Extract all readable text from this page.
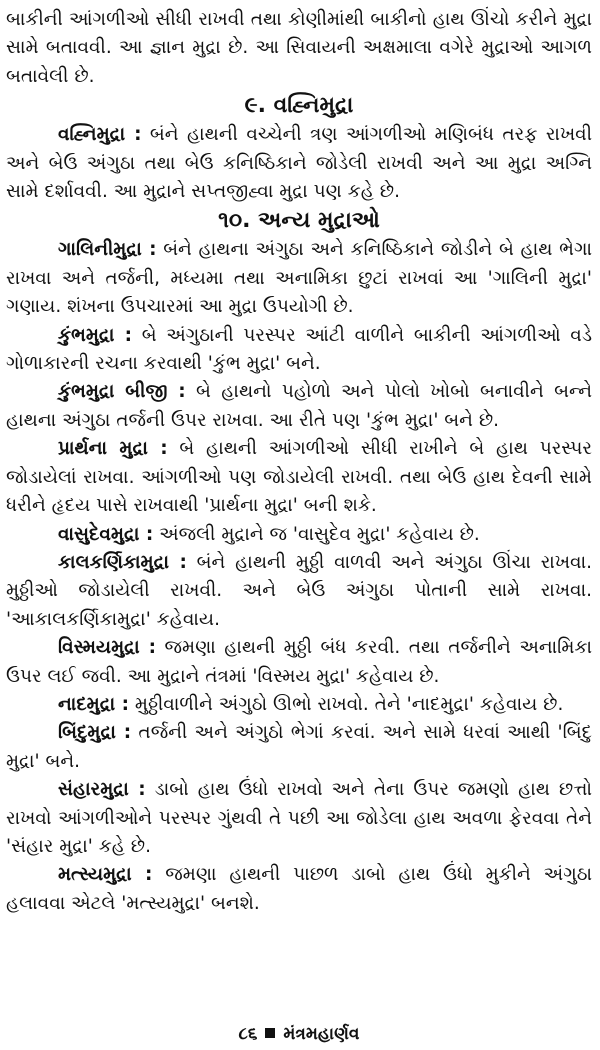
બાકીની આંગળીઓ સીધી રાખવી તથા કોણીમાંથી બાકીનો હાથ ઊંચો કરીને મુદ્રા સામે બતાવવી. આ જ્ઞાન મુદ્રા છે. આ સિવાયની અક્ષમાલા વગેરે મુદ્રાઓ આગળ બતાવેલી છે.

૯. વહ્નિમુદ્રા

વહ્નિમુદ્રા : બંને હાથની વચ્ચેની ત્રણ આંગળીઓ મણિબંધ તરફ રાખવી અને બેઉ અંગુઠા તથા બેઉ કનિષ્ઠિકાને જોડેલી રાખવી અને આ મુદ્રા અગ્નિ સામે દર્શાવવી. આ મુદ્રાને સપ્તજીહ્વા મુદ્રા પણ કહે છે.

૧૦. અન્ય મુદ્રાઓ

ગાલિનીમુદ્રા : બંને હાથના અંગુઠા અને કનિષ્ઠિકાને જોડીને બે હાથ ભેગા રાખવા અને તર્જની, મધ્યમા તથા અનામિકા છુટાં રાખવાં આ 'ગાલિની મુદ્રા' ગણાય. શંખના ઉપચારમાં આ મુદ્રા ઉપયોગી છે.

કુંભમુદ્રા : બે અંગુઠાની પરસ્પર આંટી વાળીને બાકીની આંગળીઓ વડે ગોળાકારની રચના કરવાથી 'કુંભ મુદ્રા' બને.

કુંભમુદ્રા બીજી : બે હાથનો પહોળો અને પોલો ખોબો બનાવીને બન્ને હાથના અંગુઠા તર્જની ઉપર રાખવા. આ રીતે પણ 'કુંભ મુદ્રા' બને છે.

પ્રાર્થના મુદ્રા : બે હાથની આંગળીઓ સીધી રાખીને બે હાથ પરસ્પર જોડાયેલાં રાખવા. આંગળીઓ પણ જોડાયેલી રાખવી. તથા બેઉ હાથ દેવની સામે ધરીને હૃદય પાસે રાખવાથી 'પ્રાર્થના મુદ્રા' બની શકે.

વાસુદેવમુદ્રા : અંજલી મુદ્રાને જ 'વાસુદેવ મુદ્રા' કહેવાય છે.

કાલકર્ણિકામુદ્રા : બંને હાથની મુઠ્ઠી વાળવી અને અંગુઠા ઊંચા રાખવા. મુઠ્ઠીઓ જોડાયેલી રાખવી. અને બેઉ અંગુઠા પોતાની સામે રાખવા. 'આકાલકર્ણિકામુદ્રા' કહેવાય.

વિસ્મયમુદ્રા : જમણા હાથની મુઠ્ઠી બંધ કરવી. તથા તર્જનીને અનામિકા ઉપર લઈ જવી. આ મુદ્રાને તંત્રમાં 'વિસ્મય મુદ્રા' કહેવાય છે.

નાદમુદ્રા : મુઠ્ઠીવાળીને અંગુઠો ઊભો રાખવો. તેને 'નાદમુદ્રા' કહેવાય છે.

બિંદુમુદ્રા : તર્જની અને અંગુઠો ભેગાં કરવાં. અને સામે ધરવાં આથી 'બિંદુ મુદ્રા' બને.

સંહારમુદ્રા : ડાબો હાથ ઉંધો રાખવો અને તેના ઉપર જમણો હાથ છત્તો રાખવો આંગળીઓને પરસ્પર ગુંથવી તે પછી આ જોડેલા હાથ અવળા ફેરવવા તેને 'સંહાર મુદ્રા' કહે છે.

મત્સ્યમુદ્રા : જમણા હાથની પાછળ ડાબો હાથ ઉંધો મુકીને અંગુઠા હલાવવા એટલે 'મત્સ્યમુદ્રા' બનશે.

૮૬ મંત્રમહાર્ણવ
